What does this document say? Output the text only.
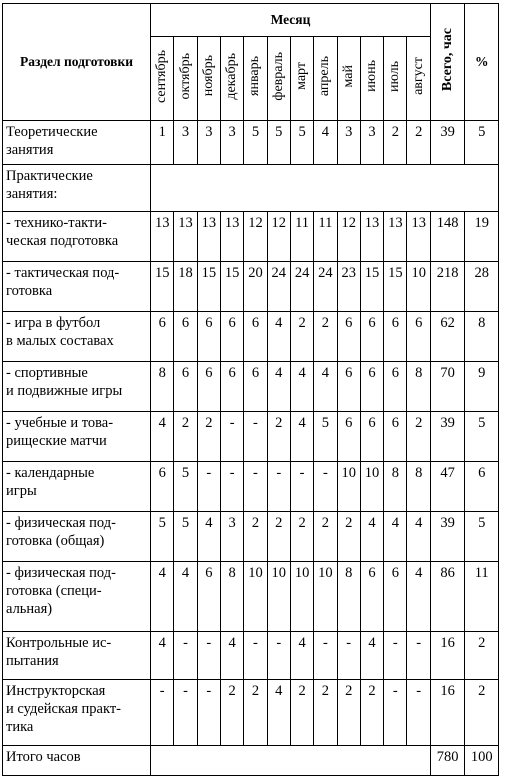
Раздел подготовки	Месяц												Всего, час	%
	сентябрь	октябрь	ноябрь	декабрь	январь	февраль	март	апрель	май	июнь	июль	август		

Теоретические
занятия	1	3	3	3	5	5	5	4	3	3	2	2	39	5

Практические
занятия:														

- технико-такти-
ческая подготовка	13	13	13	13	12	12	11	11	12	13	13	13	148	19

- тактическая под-
готовка	15	18	15	15	20	24	24	24	23	15	15	10	218	28

- игра в футбол
в малых составах	6	6	6	6	6	4	2	2	6	6	6	6	62	8

- спортивные
и подвижные игры	8	6	6	6	6	4	4	4	6	6	6	8	70	9

- учебные и това-
рищеские матчи	4	2	2	-	-	2	4	5	6	6	6	2	39	5

- календарные
игры	6	5	-	-	-	-	-	-	10	10	8	8	47	6

- физическая под-
готовка (общая)	5	5	4	3	2	2	2	2	2	4	4	4	39	5

- физическая под-
готовка (специ-
альная)	4	4	6	8	10	10	10	10	8	6	6	4	86	11

Контрольные ис-
пытания	4	-	-	4	-	-	4	-	-	4	-	-	16	2

Инструкторская
и судейская практ-
тика	-	-	-	2	2	4	2	2	2	2	-	-	16	2

Итого часов													780	100
